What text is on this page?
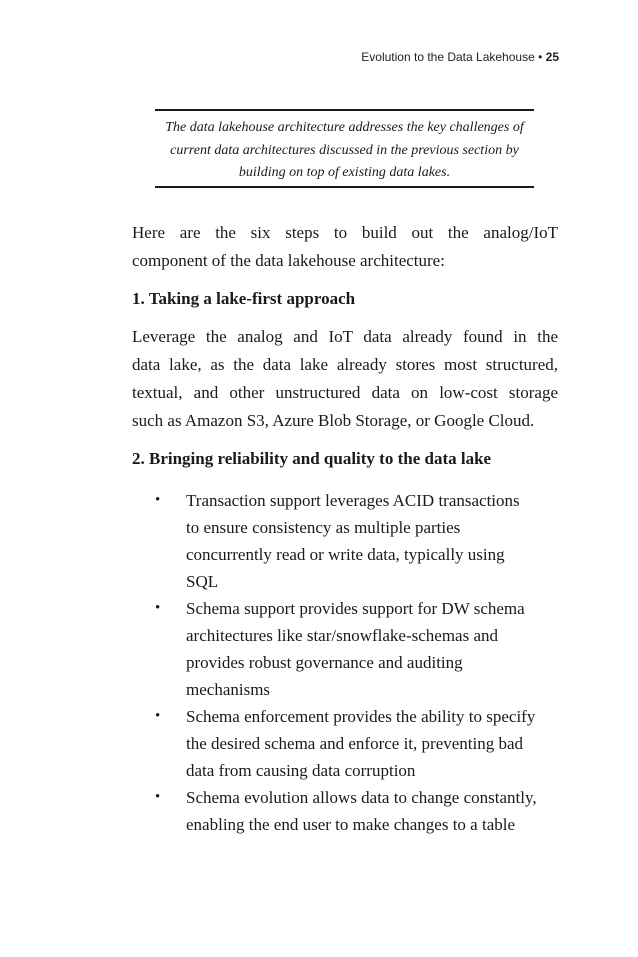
Evolution to the Data Lakehouse • 25
The data lakehouse architecture addresses the key challenges of
current data architectures discussed in the previous section by
building on top of existing data lakes.
Here are the six steps to build out the analog/IoT
component of the data lakehouse architecture:
1. Taking a lake-first approach
Leverage the analog and IoT data already found in the
data lake, as the data lake already stores most structured,
textual, and other unstructured data on low-cost storage
such as Amazon S3, Azure Blob Storage, or Google Cloud.
2. Bringing reliability and quality to the data lake
• Transaction support leverages ACID transactions
to ensure consistency as multiple parties
concurrently read or write data, typically using
SQL
• Schema support provides support for DW schema
architectures like star/snowflake-schemas and
provides robust governance and auditing
mechanisms
• Schema enforcement provides the ability to specify
the desired schema and enforce it, preventing bad
data from causing data corruption
• Schema evolution allows data to change constantly,
enabling the end user to make changes to a table
